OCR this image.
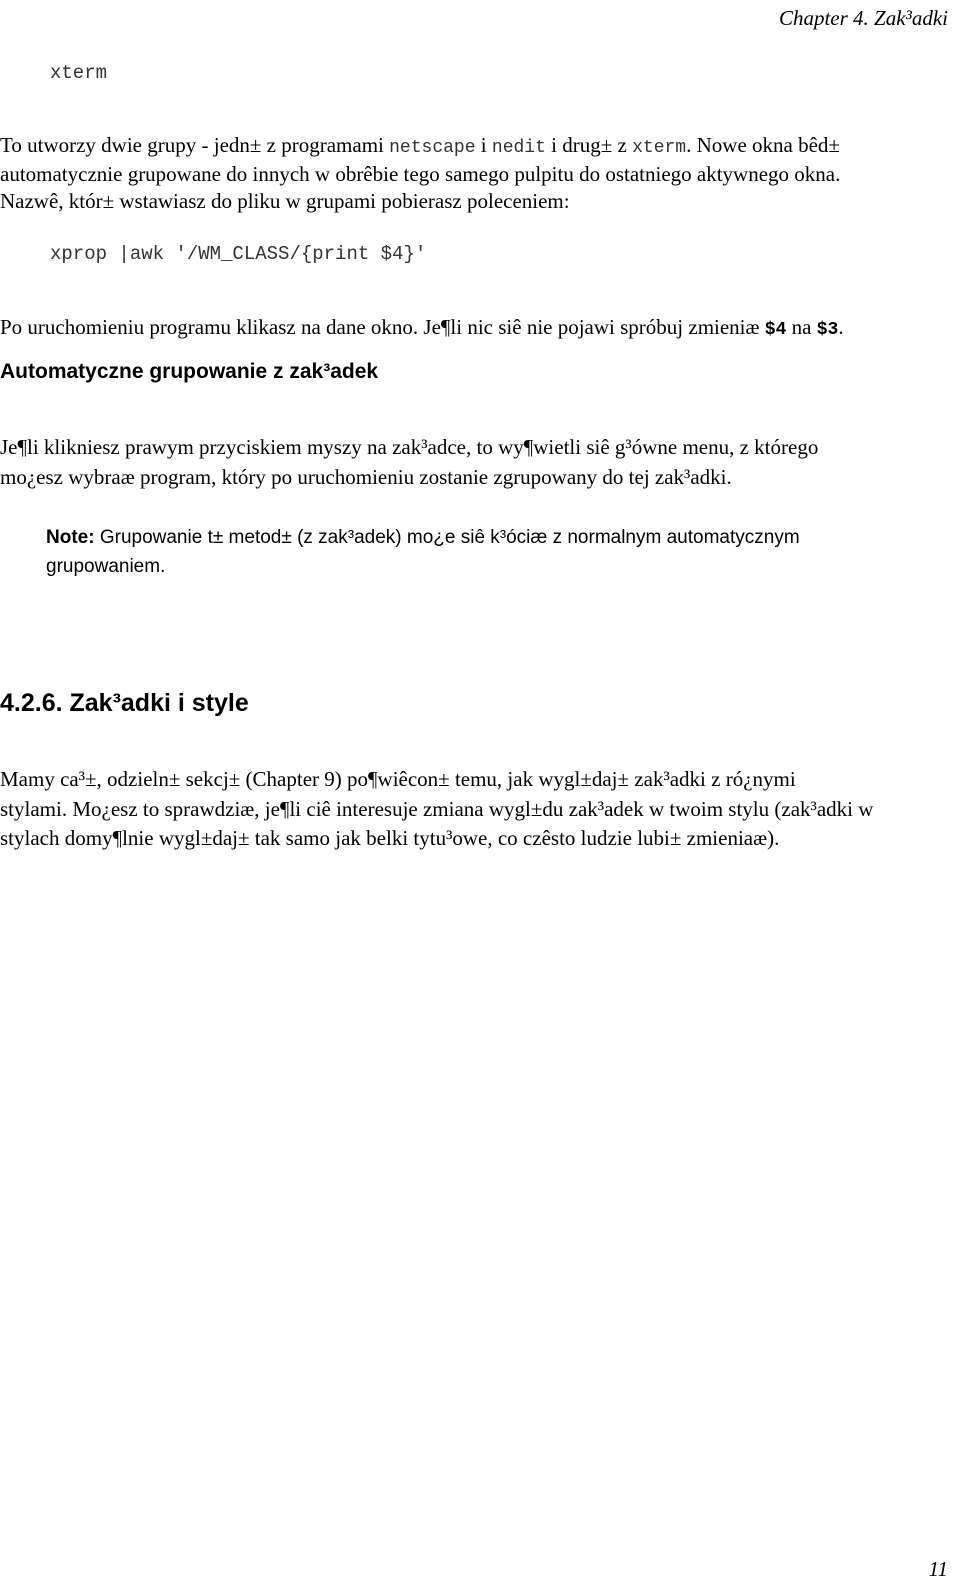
Chapter 4. Zak³adki
xterm
To utworzy dwie grupy - jedn± z programami netscape i nedit i drug± z xterm. Nowe okna bêd±
automatycznie grupowane do innych w obrêbie tego samego pulpitu do ostatniego aktywnego okna.
Nazwê, któr± wstawiasz do pliku w grupami pobierasz poleceniem:
xprop |awk '/WM_CLASS/{print $4}'
Po uruchomieniu programu klikasz na dane okno. Je¶li nic siê nie pojawi spróbuj zmieniæ $4 na $3.
Automatyczne grupowanie z zak³adek
Je¶li klikniesz prawym przyciskiem myszy na zak³adce, to wy¶wietli siê g³ówne menu, z którego
mo¿esz wybraæ program, który po uruchomieniu zostanie zgrupowany do tej zak³adki.
Note: Grupowanie t± metod± (z zak³adek) mo¿e siê k³óciæ z normalnym automatycznym
grupowaniem.
4.2.6. Zak³adki i style
Mamy ca³±, odzieln± sekcj± (Chapter 9) po¶wiêcon± temu, jak wygl±daj± zak³adki z ró¿nymi
stylami. Mo¿esz to sprawdziæ, je¶li ciê interesuje zmiana wygl±du zak³adek w twoim stylu (zak³adki w
stylach domy¶lnie wygl±daj± tak samo jak belki tytu³owe, co czêsto ludzie lubi± zmieniaæ).
11
